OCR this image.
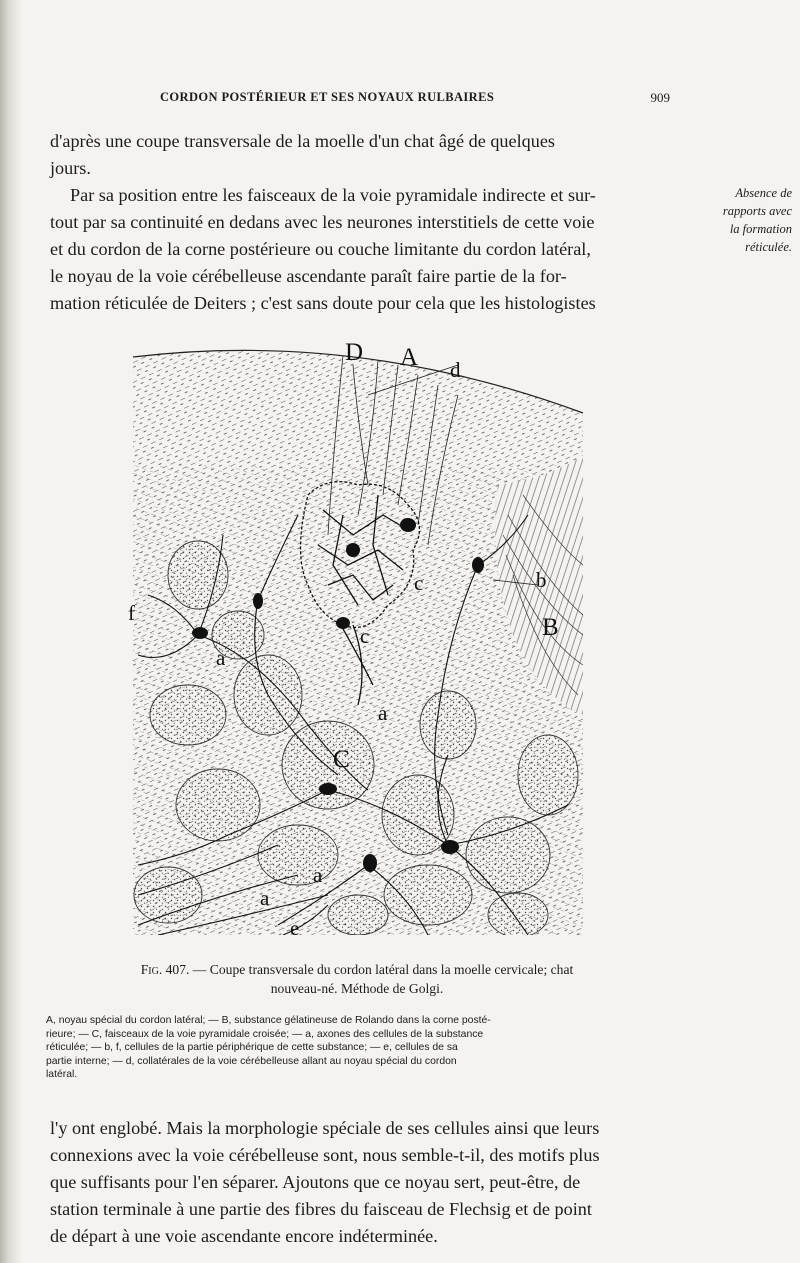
CORDON POSTÉRIEUR ET SES NOYAUX RULBAIRES	909

d'après une coupe transversale de la moelle d'un chat âgé de quelques

jours.

Par sa position entre les faisceaux de la voie pyramidale indirecte et sur-

tout par sa continuité en dedans avec les neurones interstitiels de cette voie

et du cordon de la corne postérieure ou couche limitante du cordon latéral,

le noyau de la voie cérébelleuse ascendante paraît faire partie de la for-

mation réticulée de Deiters ; c'est sans doute pour cela que les histologistes

Absence de
rapports avec
la formation
réticulée.
D A d
b
B
f
c
c
a
a
C
a
a
e
Fig. 407. — Coupe transversale du cordon latéral dans la moelle cervicale; chat
nouveau-né. Méthode de Golgi.
A, noyau spécial du cordon latéral; — B, substance gélatineuse de Rolando dans la corne posté-
rieure; — C, faisceaux de la voie pyramidale croisée; — a, axones des cellules de la substance
réticulée; — b, f, cellules de la partie périphérique de cette substance; — e, cellules de sa
partie interne; — d, collatérales de la voie cérébelleuse allant au noyau spécial du cordon
latéral.

l'y ont englobé. Mais la morphologie spéciale de ses cellules ainsi que leurs

connexions avec la voie cérébelleuse sont, nous semble-t-il, des motifs plus

que suffisants pour l'en séparer. Ajoutons que ce noyau sert, peut-être, de

station terminale à une partie des fibres du faisceau de Flechsig et de point

de départ à une voie ascendante encore indéterminée.
